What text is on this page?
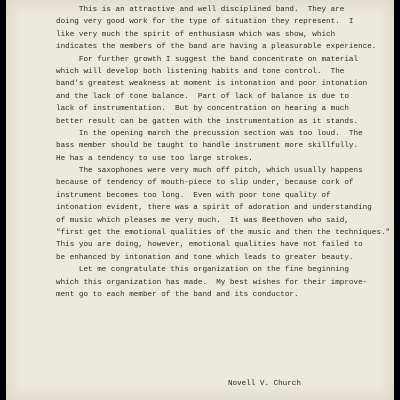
This is an attractive and well disciplined band.  They are
doing very good work for the type of situation they represent.  I
like very much the spirit of enthusiasm which was show, which
indicates the members of the band are having a pleasurable experience.
For further growth I suggest the band concentrate on material
which will develop both listening habits and tone control.  The
band's greatest weakness at moment is intonation and poor intonation
and the lack of tone balance.  Part of lack of balance is due to
lack of instrumentation.  But by concentration on hearing a much
better result can be gatten with the instrumentation as it stands.
In the opening march the precussion section was too loud.  The
bass member should be taught to handle instrument more skillfully.
He has a tendency to use too large strokes.
The saxophones were very much off pitch, which usually happens
because of tendency of mouth-piece to slip under, because cork of
instrument becomes too long.  Even with poor tone quality of
intonation evident, there was a spirit of adoration and understanding
of music which pleases me very much.  It was Beethoven who said,
"first get the emotional qualities of the music and then the techniques."
This you are doing, however, emotional qualities have not failed to
be enhanced by intonation and tone which leads to greater beauty.
Let me congratulate this organization on the fine beginning
which this organization has made.  My best wishes for their improve-
ment go to each member of the band and its conductor.
Novell V. Church
